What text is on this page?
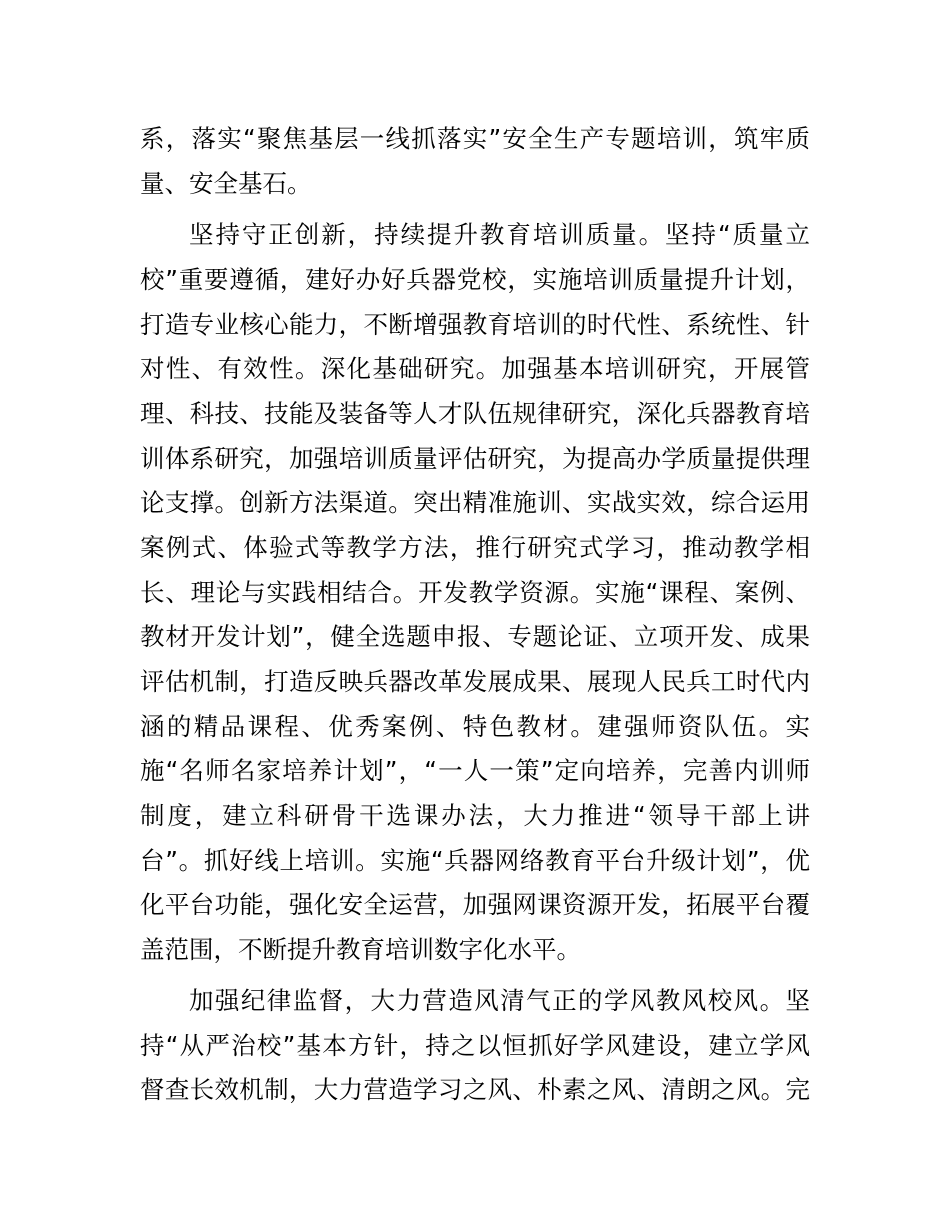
系，落实“聚焦基层一线抓落实”安全生产专题培训，筑牢质
量、安全基石。
坚持守正创新，持续提升教育培训质量。坚持“质量立
校”重要遵循，建好办好兵器党校，实施培训质量提升计划，
打造专业核心能力，不断增强教育培训的时代性、系统性、针
对性、有效性。深化基础研究。加强基本培训研究，开展管
理、科技、技能及装备等人才队伍规律研究，深化兵器教育培
训体系研究，加强培训质量评估研究，为提高办学质量提供理
论支撑。创新方法渠道。突出精准施训、实战实效，综合运用
案例式、体验式等教学方法，推行研究式学习，推动教学相
长、理论与实践相结合。开发教学资源。实施“课程、案例、
教材开发计划”，健全选题申报、专题论证、立项开发、成果
评估机制，打造反映兵器改革发展成果、展现人民兵工时代内
涵的精品课程、优秀案例、特色教材。建强师资队伍。实
施“名师名家培养计划”，“一人一策”定向培养，完善内训师
制度，建立科研骨干选课办法，大力推进“领导干部上讲
台”。抓好线上培训。实施“兵器网络教育平台升级计划”，优
化平台功能，强化安全运营，加强网课资源开发，拓展平台覆
盖范围，不断提升教育培训数字化水平。
加强纪律监督，大力营造风清气正的学风教风校风。坚
持“从严治校”基本方针，持之以恒抓好学风建设，建立学风
督查长效机制，大力营造学习之风、朴素之风、清朗之风。完
